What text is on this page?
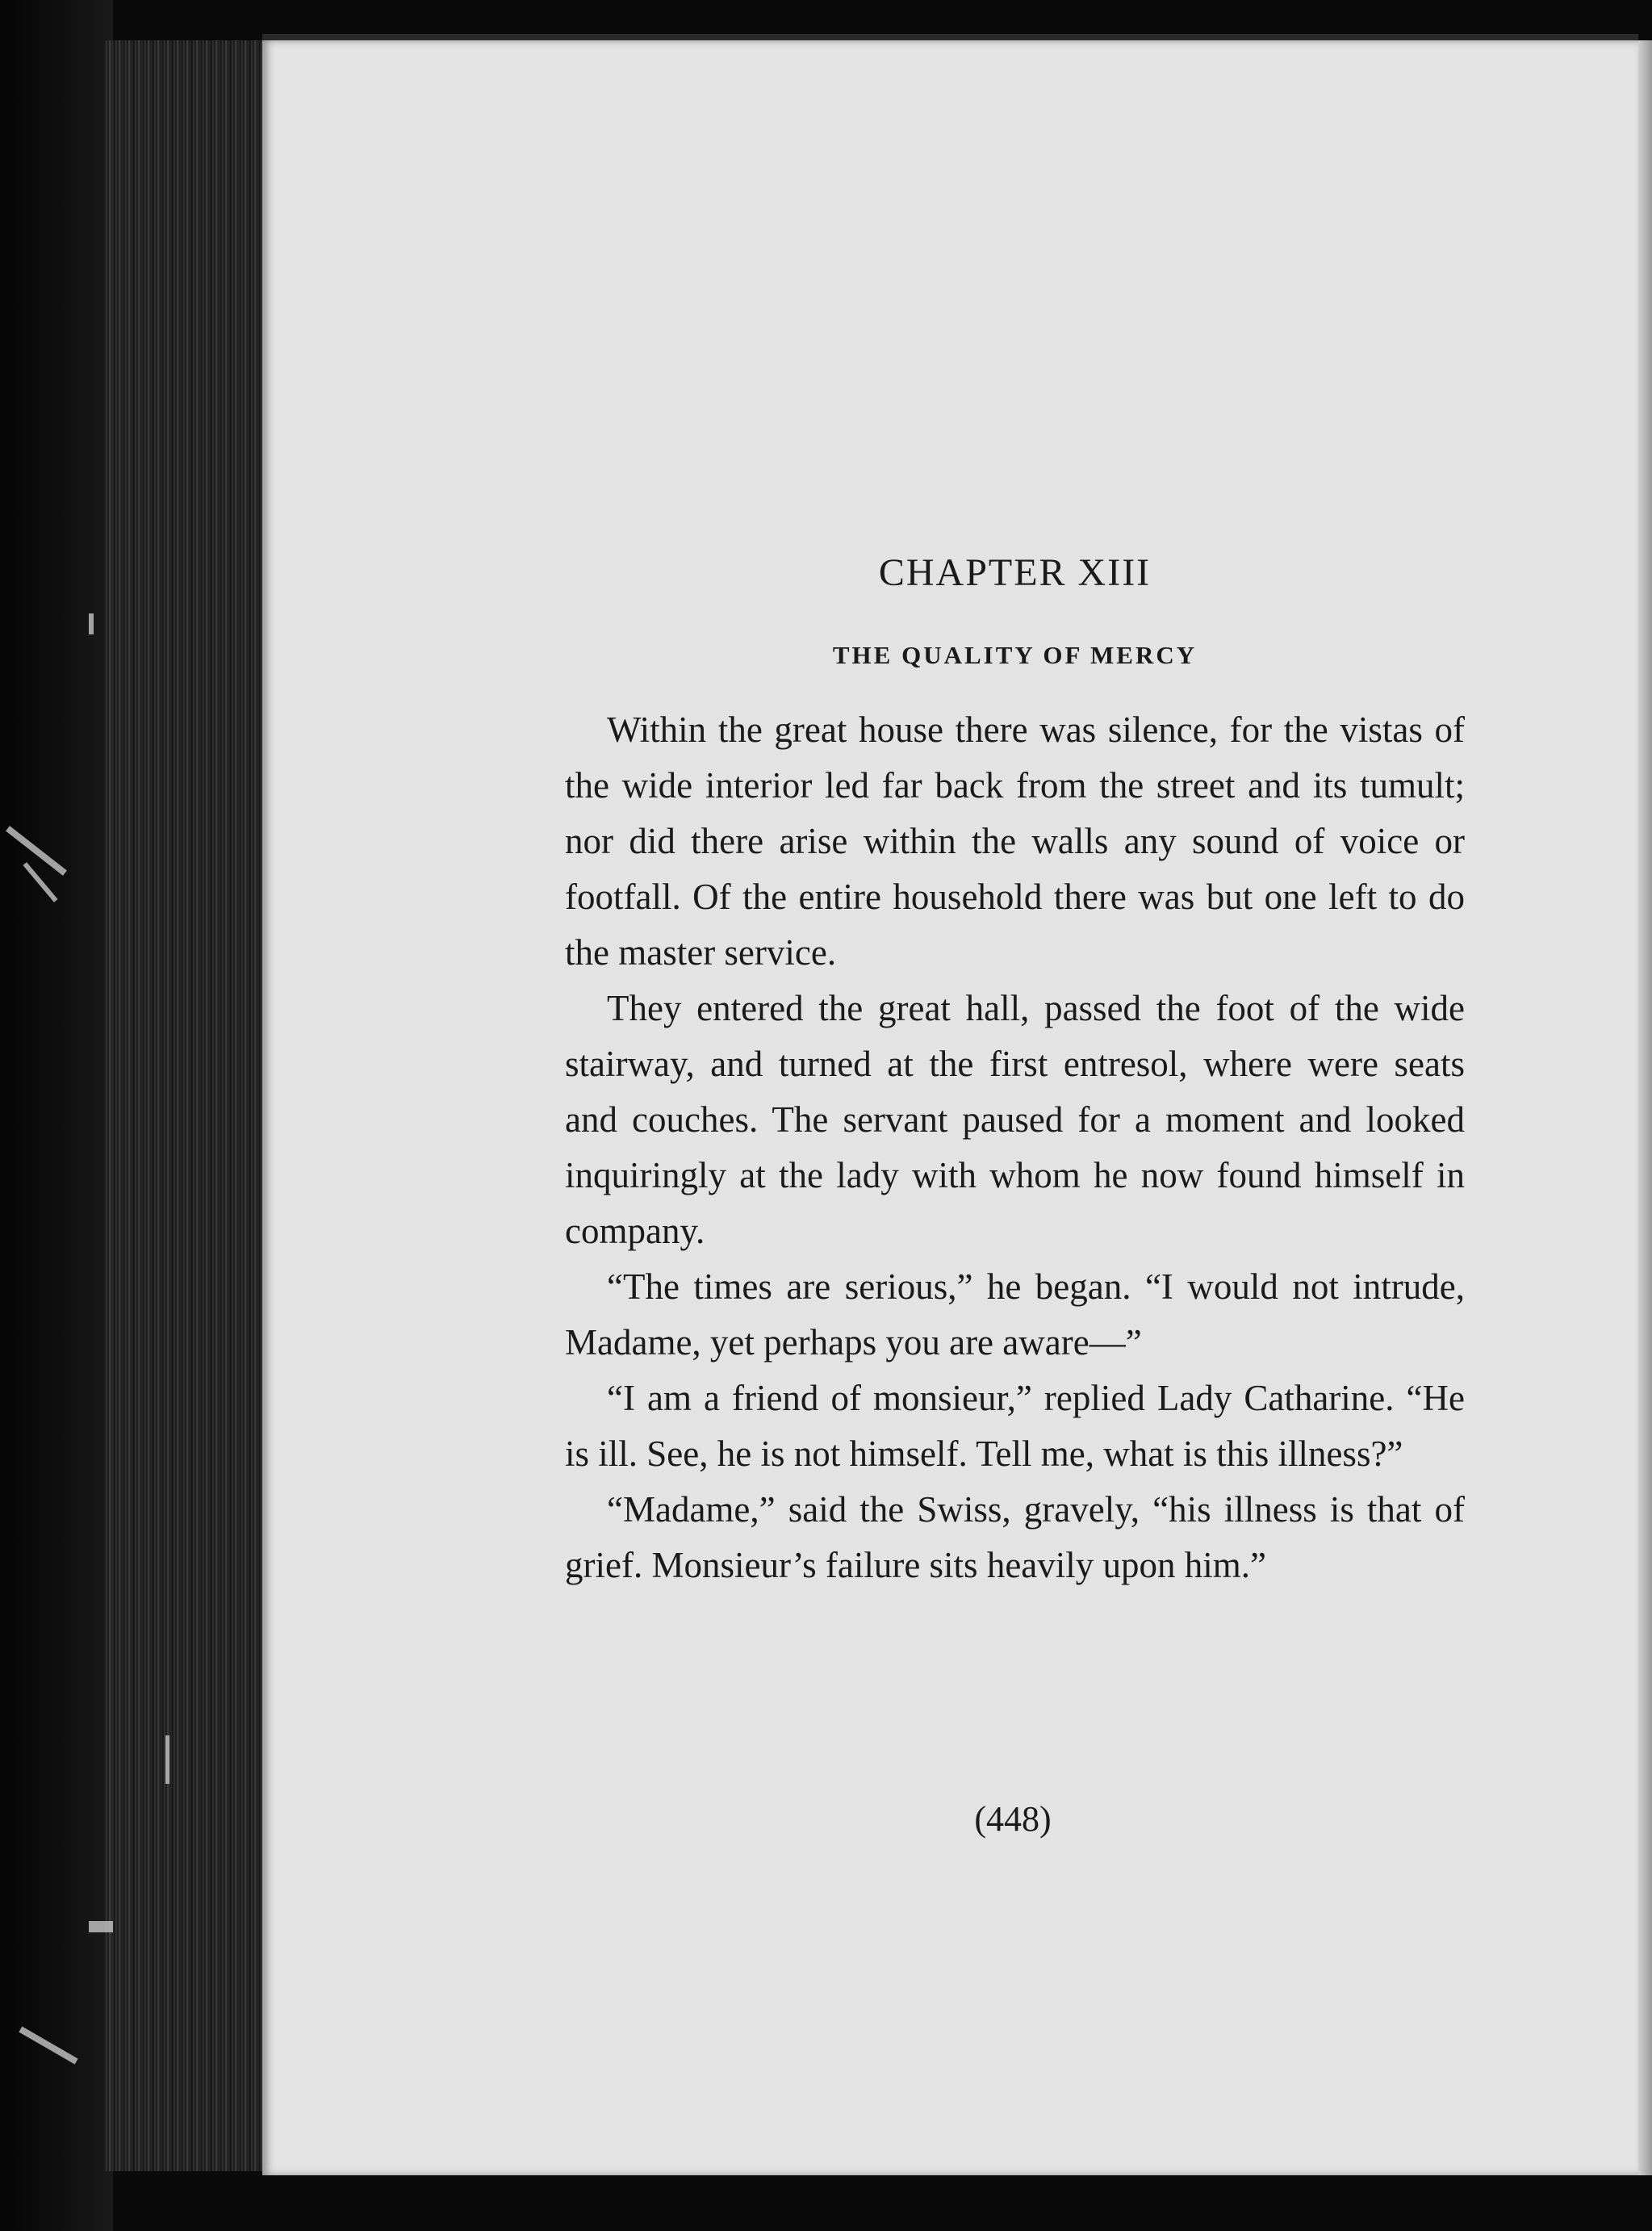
CHAPTER XIII
THE QUALITY OF MERCY

Within the great house there was silence, for the vistas of the wide interior led far back from the street and its tumult; nor did there arise within the walls any sound of voice or footfall. Of the entire household there was but one left to do the master service.

They entered the great hall, passed the foot of the wide stairway, and turned at the first entresol, where were seats and couches. The servant paused for a moment and looked inquiringly at the lady with whom he now found himself in company.

“The times are serious,” he began. “I would not intrude, Madame, yet perhaps you are aware—”

“I am a friend of monsieur,” replied Lady Catharine. “He is ill. See, he is not himself. Tell me, what is this illness?”

“Madame,” said the Swiss, gravely, “his illness is that of grief. Monsieur’s failure sits heavily upon him.”

(448)
